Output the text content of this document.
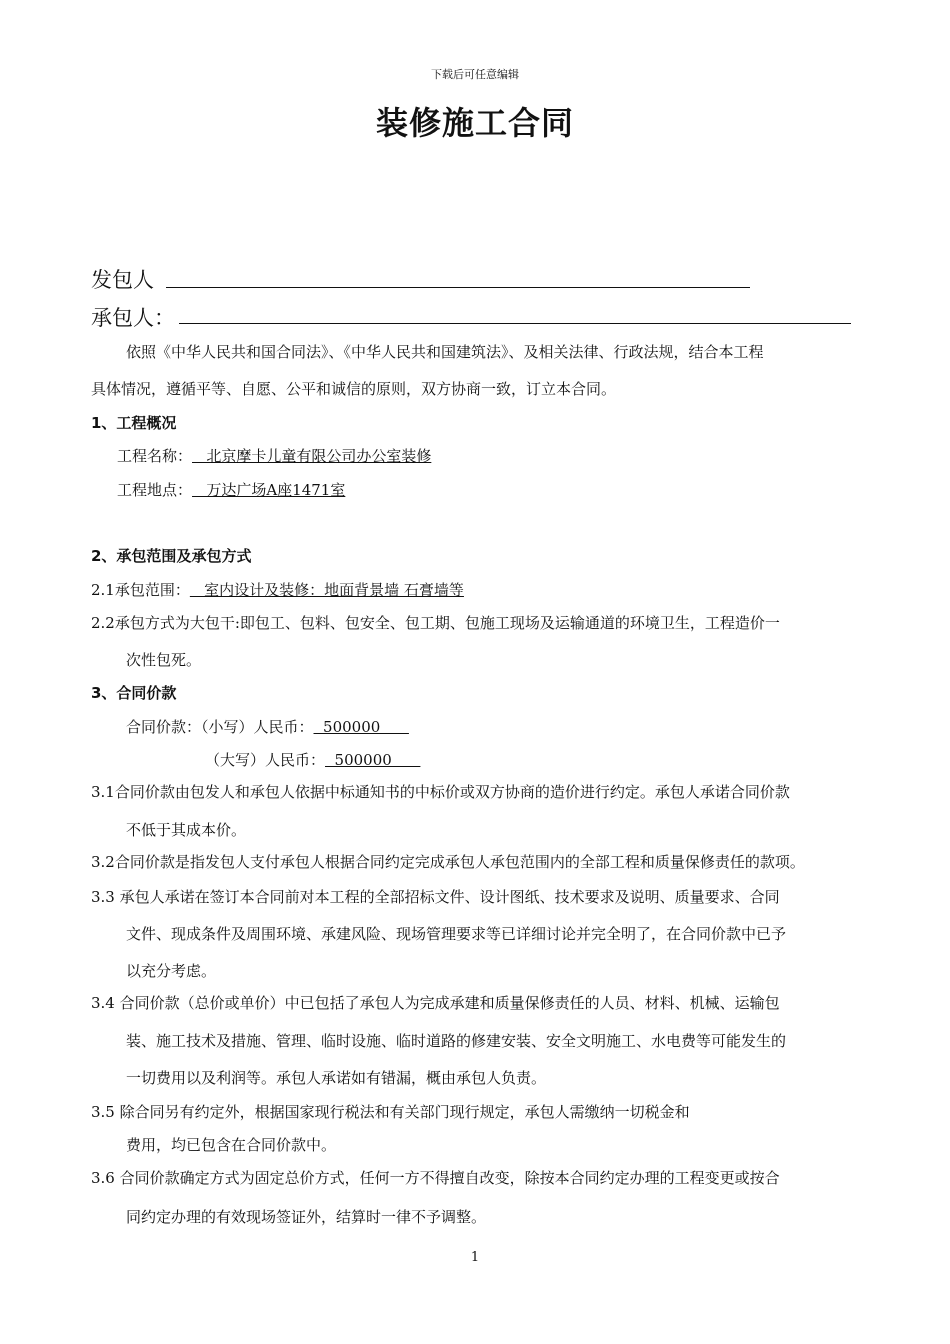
下载后可任意编辑
装修施工合同
发包人
承包人：
依照《中华人民共和国合同法》、《中华人民共和国建筑法》、及相关法律、行政法规，结合本工程
具体情况，遵循平等、自愿、公平和诚信的原则，双方协商一致，订立本合同。
1、工程概况
工程名称：   北京摩卡儿童有限公司办公室装修
工程地点：   万达广场A座1471室
2、承包范围及承包方式
2.1承包范围：   室内设计及装修：地面背景墙 石膏墙等
2.2承包方式为大包干:即包工、包料、包安全、包工期、包施工现场及运输通道的环境卫生，工程造价一
次性包死。
3、合同价款
合同价款：（小写）人民币：  500000
（大写）人民币：  500000
3.1合同价款由包发人和承包人依据中标通知书的中标价或双方协商的造价进行约定。承包人承诺合同价款
不低于其成本价。
3.2合同价款是指发包人支付承包人根据合同约定完成承包人承包范围内的全部工程和质量保修责任的款项。
3.3 承包人承诺在签订本合同前对本工程的全部招标文件、设计图纸、技术要求及说明、质量要求、合同
文件、现成条件及周围环境、承建风险、现场管理要求等已详细讨论并完全明了，在合同价款中已予
以充分考虑。
3.4 合同价款（总价或单价）中已包括了承包人为完成承建和质量保修责任的人员、材料、机械、运输包
装、施工技术及措施、管理、临时设施、临时道路的修建安装、安全文明施工、水电费等可能发生的
一切费用以及利润等。承包人承诺如有错漏，概由承包人负责。
3.5 除合同另有约定外，根据国家现行税法和有关部门现行规定，承包人需缴纳一切税金和
费用，均已包含在合同价款中。
3.6 合同价款确定方式为固定总价方式，任何一方不得擅自改变，除按本合同约定办理的工程变更或按合
同约定办理的有效现场签证外，结算时一律不予调整。
1
